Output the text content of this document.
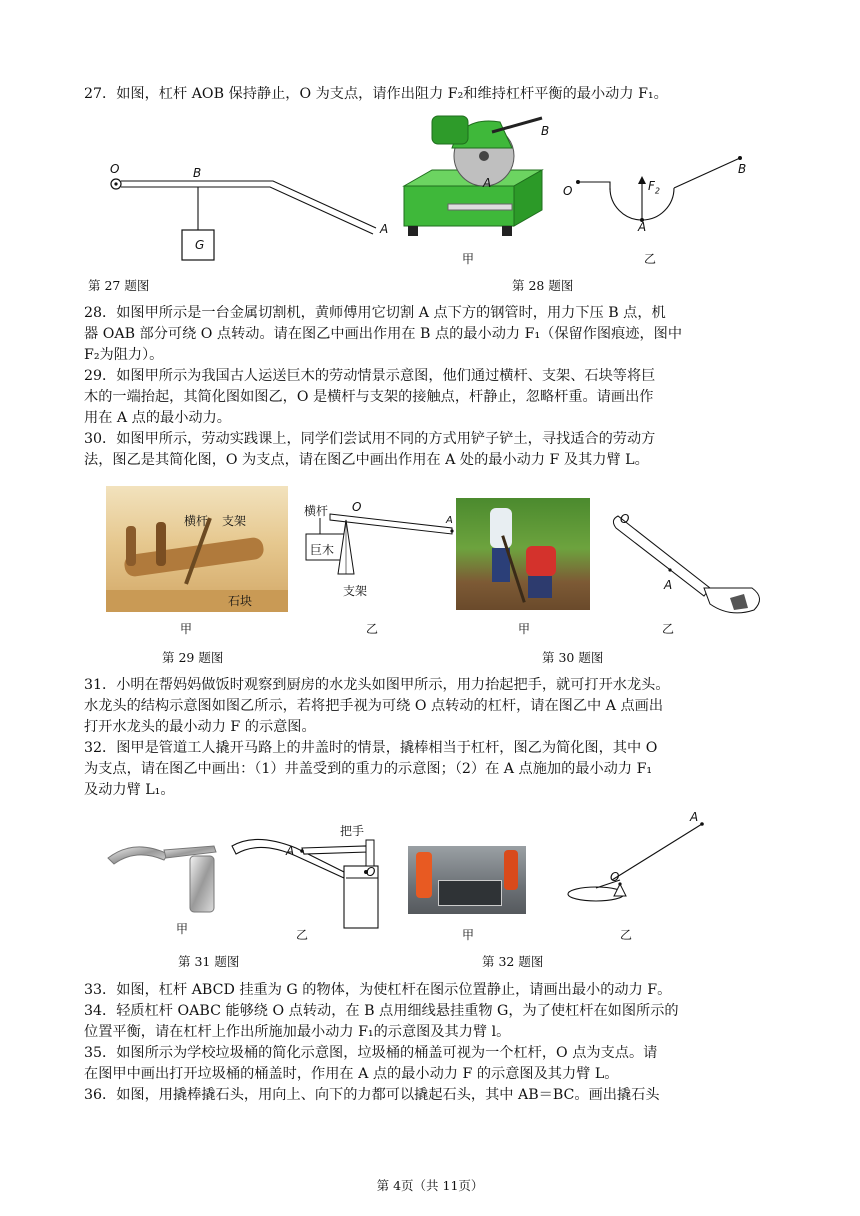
27．如图，杠杆 AOB 保持静止，O 为支点，请作出阻力 F₂和维持杠杆平衡的最小动力 F₁。
O	B
G
A
B
A
甲
O
B
$F_2$
A
乙
第 27 题图	第 28 题图
28．如图甲所示是一台金属切割机，黄师傅用它切割 A 点下方的钢管时，用力下压 B 点，机
器 OAB 部分可绕 O 点转动。请在图乙中画出作用在 B 点的最小动力 F₁（保留作图痕迹，图中
F₂为阻力）。
29．如图甲所示为我国古人运送巨木的劳动情景示意图，他们通过横杆、支架、石块等将巨
木的一端抬起，其简化图如图乙，O 是横杆与支架的接触点，杆静止，忽略杆重。请画出作
用在 A 点的最小动力。
30．如图甲所示，劳动实践课上，同学们尝试用不同的方式用铲子铲土，寻找适合的劳动方
法，图乙是其简化图，O 为支点，请在图乙中画出作用在 A 处的最小动力 F 及其力臂 L。
横杆 支架
石块
甲
横杆 O
A
巨木
支架
乙	甲
O
A
乙
第 29 题图	第 30 题图
31．小明在帮妈妈做饭时观察到厨房的水龙头如图甲所示，用力抬起把手，就可打开水龙头。
水龙头的结构示意图如图乙所示，若将把手视为可绕 O 点转动的杠杆，请在图乙中 A 点画出
打开水龙头的最小动力 F 的示意图。
32．图甲是管道工人撬开马路上的井盖时的情景，撬棒相当于杠杆，图乙为简化图，其中 O
为支点，请在图乙中画出：（1）井盖受到的重力的示意图；（2）在 A 点施加的最小动力 F₁
及动力臂 L₁。
甲
把手
A
O
乙	甲
A
O
乙
第 31 题图	第 32 题图
33．如图，杠杆 ABCD 挂重为 G 的物体，为使杠杆在图示位置静止，请画出最小的动力 F。
34．轻质杠杆 OABC 能够绕 O 点转动，在 B 点用细线悬挂重物 G，为了使杠杆在如图所示的
位置平衡，请在杠杆上作出所施加最小动力 F₁的示意图及其力臂 l。
35．如图所示为学校垃圾桶的简化示意图，垃圾桶的桶盖可视为一个杠杆，O 点为支点。请
在图甲中画出打开垃圾桶的桶盖时，作用在 A 点的最小动力 F 的示意图及其力臂 L。
36．如图，用撬棒撬石头，用向上、向下的力都可以撬起石头，其中 AB＝BC。画出撬石头
第 4页（共 11页）
